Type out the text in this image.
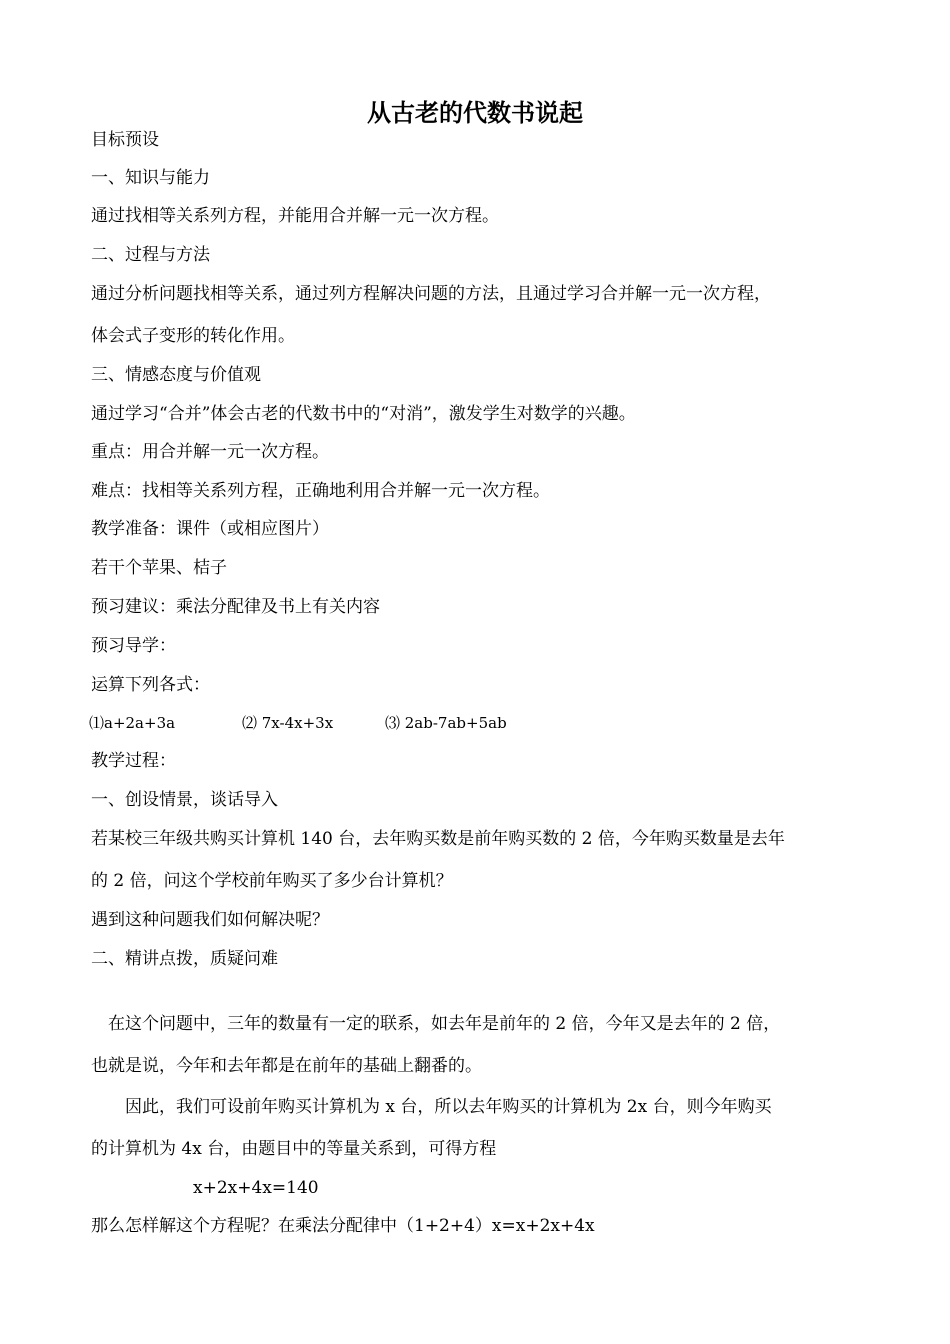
从古老的代数书说起
目标预设
一、知识与能力
通过找相等关系列方程，并能用合并解一元一次方程。
二、过程与方法
通过分析问题找相等关系，通过列方程解决问题的方法，且通过学习合并解一元一次方程，
体会式子变形的转化作用。
三、情感态度与价值观
通过学习“合并”体会古老的代数书中的“对消”，激发学生对数学的兴趣。
重点：用合并解一元一次方程。
难点：找相等关系列方程，正确地利用合并解一元一次方程。
教学准备：课件（或相应图片）
若干个苹果、桔子
预习建议：乘法分配律及书上有关内容
预习导学：
运算下列各式：
⑴a+2a+3a	⑵ 7x-4x+3x	⑶ 2ab-7ab+5ab
教学过程：
一、创设情景，谈话导入
若某校三年级共购买计算机 140 台，去年购买数是前年购买数的 2 倍，今年购买数量是去年
的 2 倍，问这个学校前年购买了多少台计算机？
遇到这种问题我们如何解决呢？
二、精讲点拨，质疑问难
　在这个问题中，三年的数量有一定的联系，如去年是前年的 2 倍，今年又是去年的 2 倍，
也就是说，今年和去年都是在前年的基础上翻番的。
　　因此，我们可设前年购买计算机为 x 台，所以去年购买的计算机为 2x 台，则今年购买
的计算机为 4x 台，由题目中的等量关系到，可得方程
　　　　　　x+2x+4x=140
那么怎样解这个方程呢？在乘法分配律中（1+2+4）x=x+2x+4x
